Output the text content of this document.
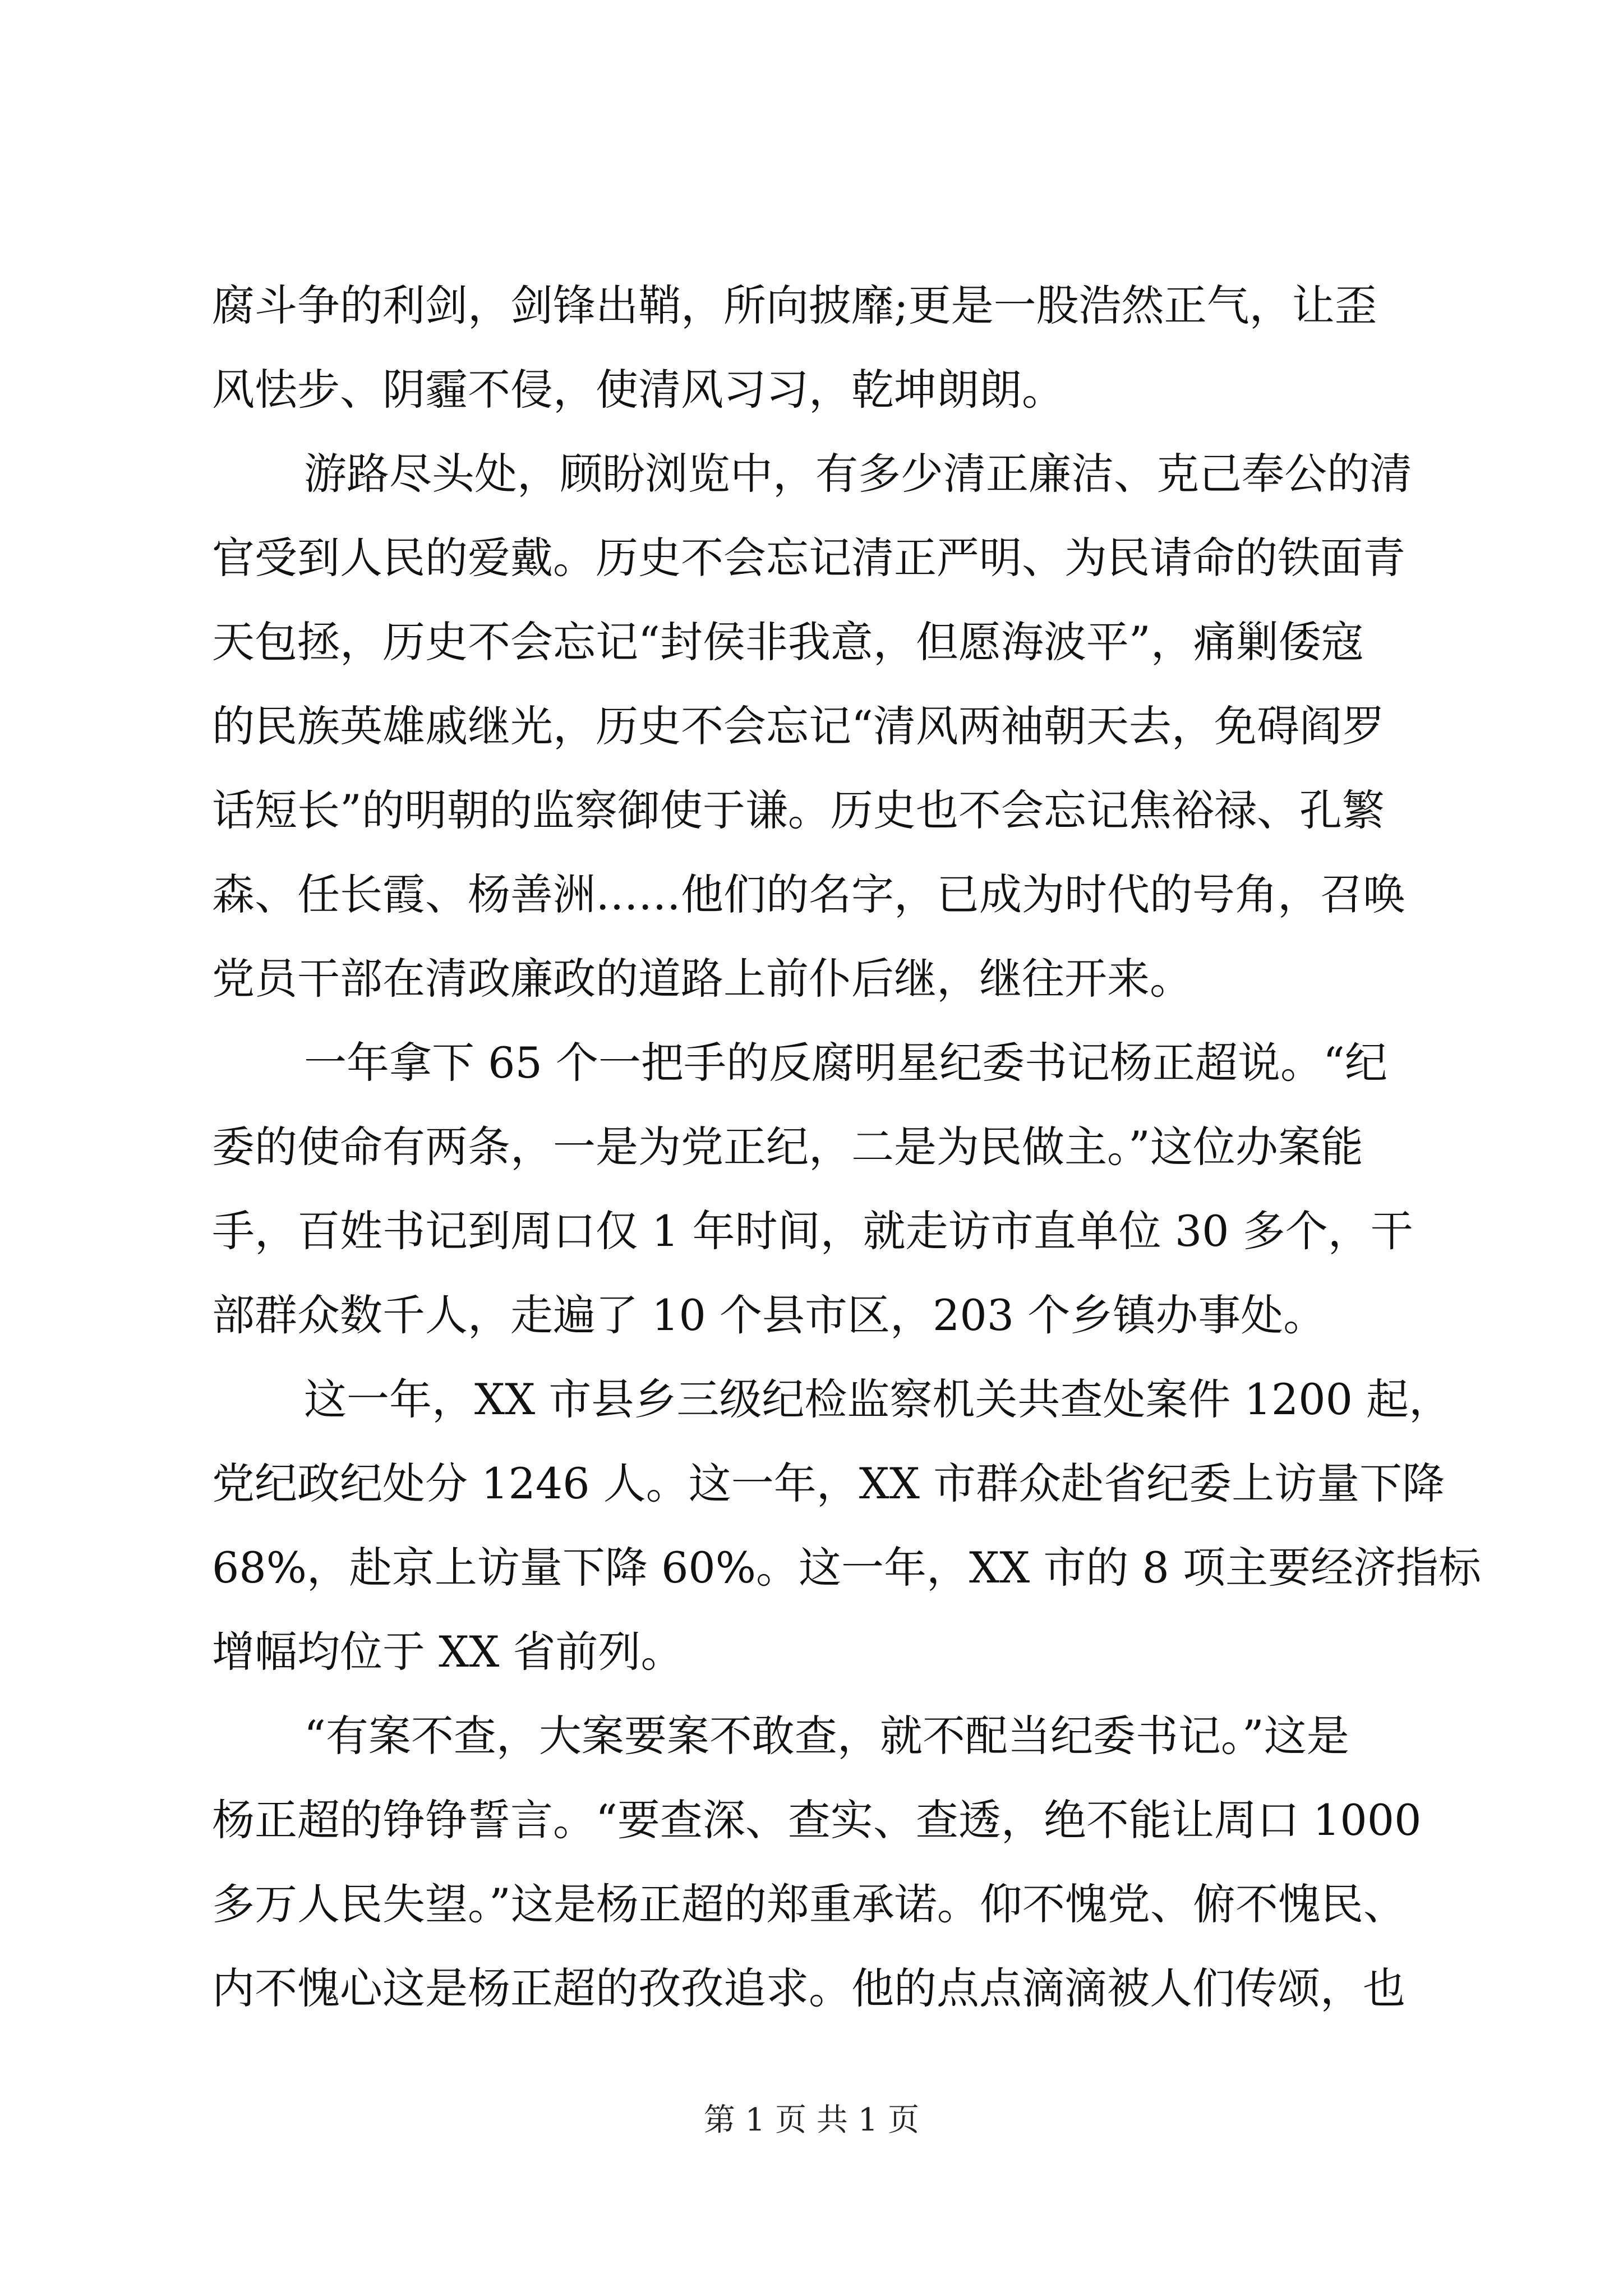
腐斗争的利剑，剑锋出鞘，所向披靡;更是一股浩然正气，让歪
风怯步、阴霾不侵，使清风习习，乾坤朗朗。
游路尽头处，顾盼浏览中，有多少清正廉洁、克己奉公的清
官受到人民的爱戴。历史不会忘记清正严明、为民请命的铁面青
天包拯，历史不会忘记“封侯非我意，但愿海波平”，痛剿倭寇
的民族英雄戚继光，历史不会忘记“清风两袖朝天去，免碍阎罗
话短长”的明朝的监察御使于谦。历史也不会忘记焦裕禄、孔繁
森、任长霞、杨善洲……他们的名字，已成为时代的号角，召唤
党员干部在清政廉政的道路上前仆后继，继往开来。
一年拿下 65 个一把手的反腐明星纪委书记杨正超说。“纪
委的使命有两条，一是为党正纪，二是为民做主。”这位办案能
手，百姓书记到周口仅 1 年时间，就走访市直单位 30 多个，干
部群众数千人，走遍了 10 个县市区，203 个乡镇办事处。
这一年，XX 市县乡三级纪检监察机关共查处案件 1200 起，
党纪政纪处分 1246 人。这一年，XX 市群众赴省纪委上访量下降
68%，赴京上访量下降 60%。这一年，XX 市的 8 项主要经济指标
增幅均位于 XX 省前列。
“有案不查，大案要案不敢查，就不配当纪委书记。”这是
杨正超的铮铮誓言。“要查深、查实、查透，绝不能让周口 1000
多万人民失望。”这是杨正超的郑重承诺。仰不愧党、俯不愧民、
内不愧心这是杨正超的孜孜追求。他的点点滴滴被人们传颂，也
第 1 页 共 1 页
